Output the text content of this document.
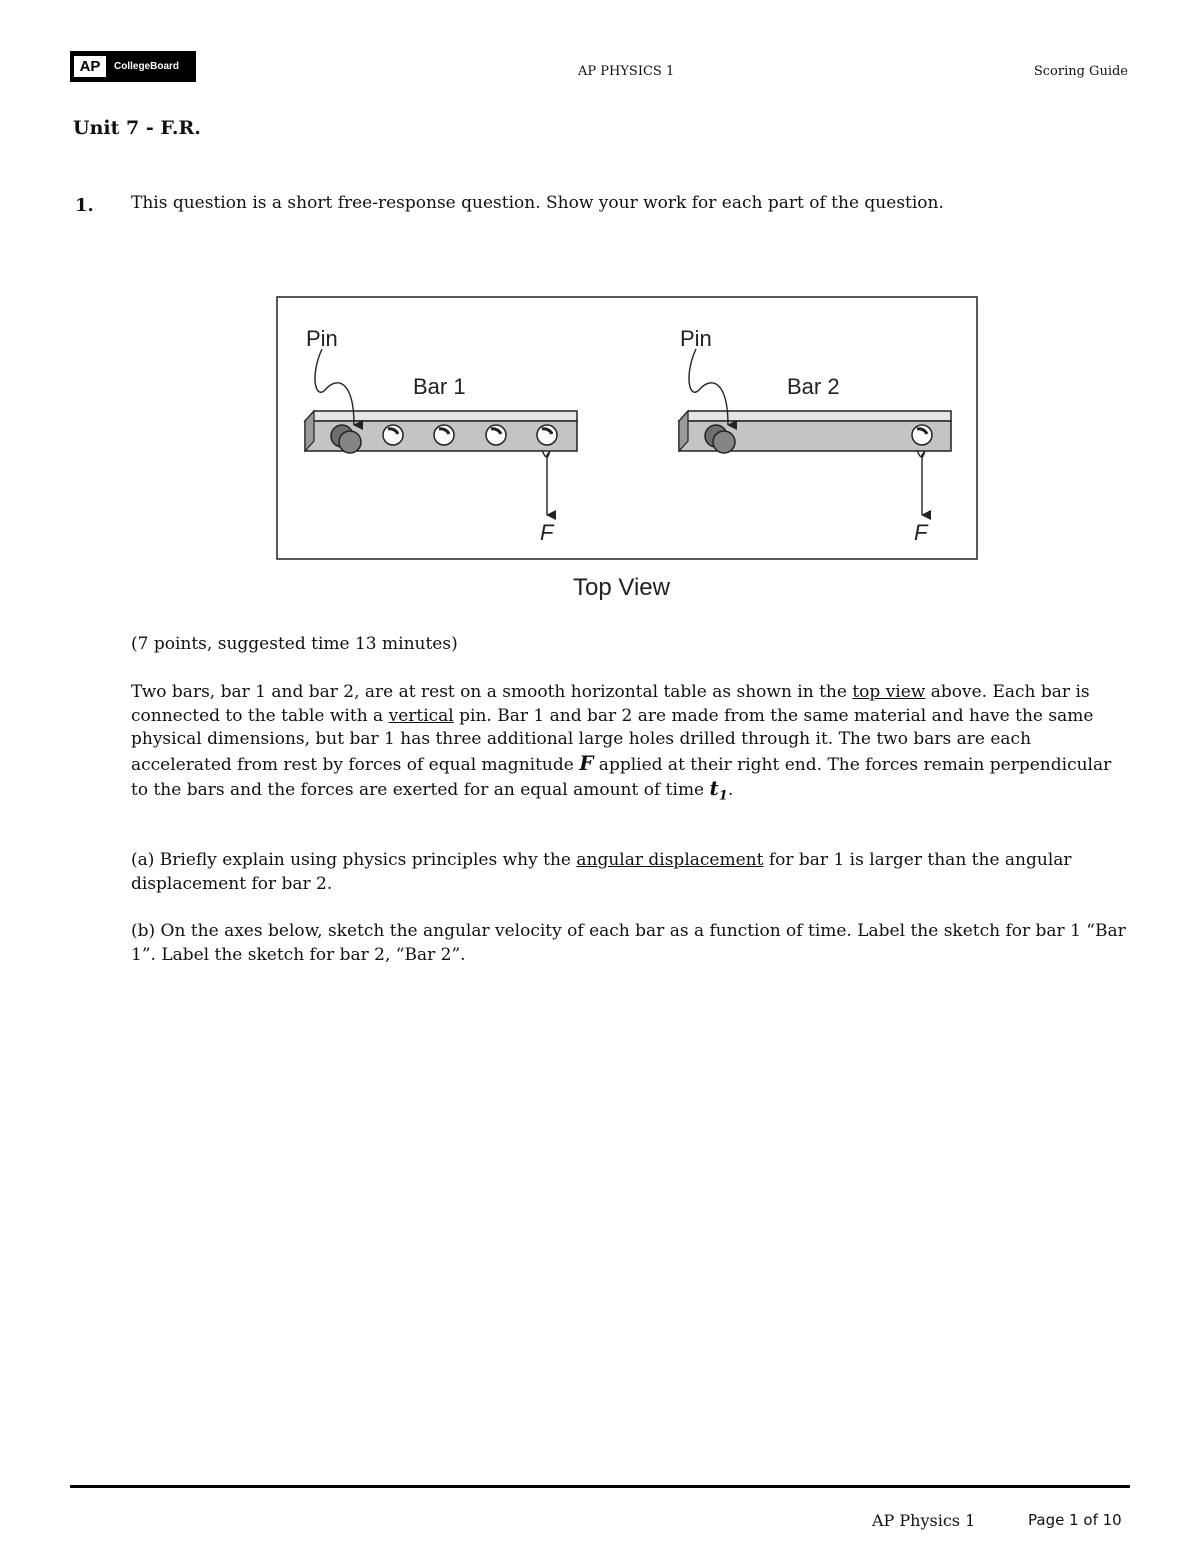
AP	CollegeBoard	AP PHYSICS 1	Scoring Guide
Unit 7 - F.R.
1. This question is a short free-response question. Show your work for each part of the question.
Pin
Bar 1
F
Pin
Bar 2
F
Top View
(7 points, suggested time 13 minutes)
Two bars, bar 1 and bar 2, are at rest on a smooth horizontal table as shown in the top view above. Each bar is connected to the table with a vertical pin. Bar 1 and bar 2 are made from the same material and have the same physical dimensions, but bar 1 has three additional large holes drilled through it. The two bars are each accelerated from rest by forces of equal magnitude F applied at their right end. The forces remain perpendicular to the bars and the forces are exerted for an equal amount of time $t_1$.
(a) Briefly explain using physics principles why the angular displacement for bar 1 is larger than the angular displacement for bar 2.
(b) On the axes below, sketch the angular velocity of each bar as a function of time. Label the sketch for bar 1 “Bar 1”. Label the sketch for bar 2, “Bar 2”.
AP Physics 1	Page 1 of 10
